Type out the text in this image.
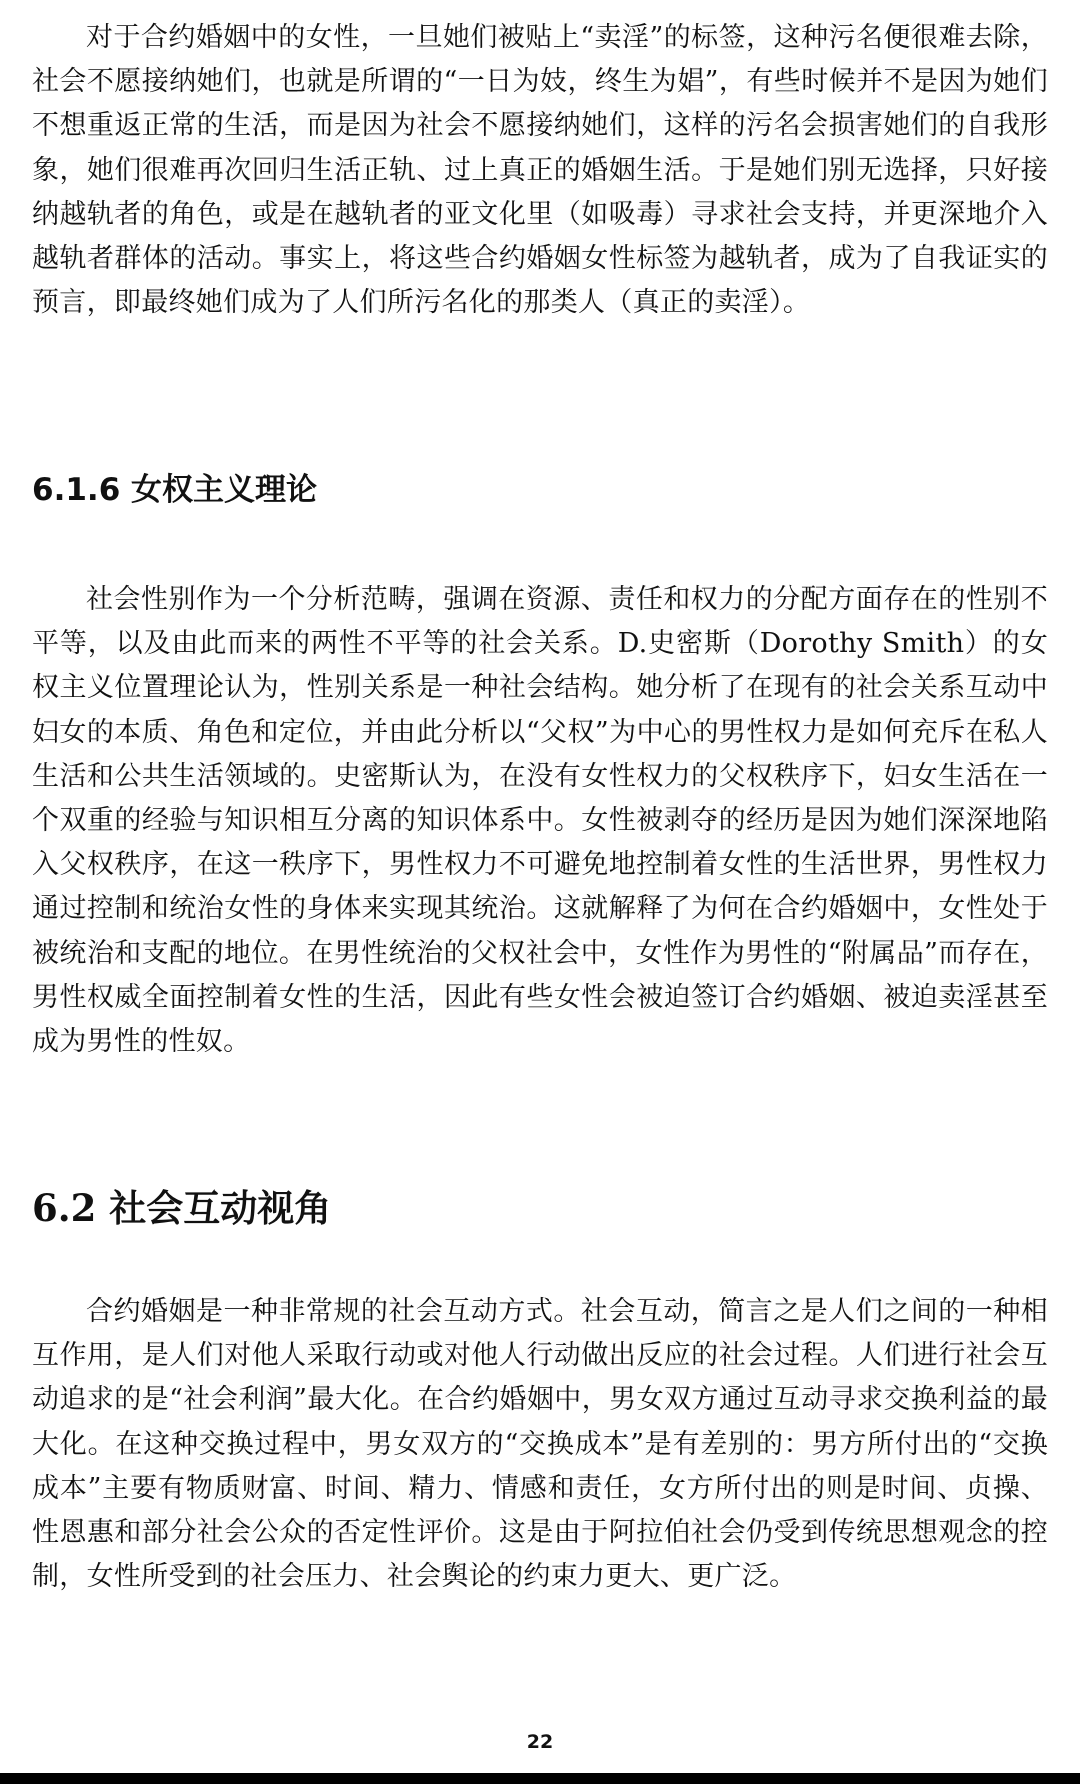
对于合约婚姻中的女性，一旦她们被贴上“卖淫”的标签，这种污名便很难去除，社会不愿接纳她们，也就是所谓的“一日为妓，终生为娼”，有些时候并不是因为她们不想重返正常的生活，而是因为社会不愿接纳她们，这样的污名会损害她们的自我形象，她们很难再次回归生活正轨、过上真正的婚姻生活。于是她们别无选择，只好接纳越轨者的角色，或是在越轨者的亚文化里（如吸毒）寻求社会支持，并更深地介入越轨者群体的活动。事实上，将这些合约婚姻女性标签为越轨者，成为了自我证实的预言，即最终她们成为了人们所污名化的那类人（真正的卖淫）。

6.1.6 女权主义理论

社会性别作为一个分析范畴，强调在资源、责任和权力的分配方面存在的性别不平等，以及由此而来的两性不平等的社会关系。D.史密斯（Dorothy Smith）的女权主义位置理论认为，性别关系是一种社会结构。她分析了在现有的社会关系互动中妇女的本质、角色和定位，并由此分析以“父权”为中心的男性权力是如何充斥在私人生活和公共生活领域的。史密斯认为，在没有女性权力的父权秩序下，妇女生活在一个双重的经验与知识相互分离的知识体系中。女性被剥夺的经历是因为她们深深地陷入父权秩序，在这一秩序下，男性权力不可避免地控制着女性的生活世界，男性权力通过控制和统治女性的身体来实现其统治。这就解释了为何在合约婚姻中，女性处于被统治和支配的地位。在男性统治的父权社会中，女性作为男性的“附属品”而存在，男性权威全面控制着女性的生活，因此有些女性会被迫签订合约婚姻、被迫卖淫甚至成为男性的性奴。

6.2 社会互动视角

合约婚姻是一种非常规的社会互动方式。社会互动，简言之是人们之间的一种相互作用，是人们对他人采取行动或对他人行动做出反应的社会过程。人们进行社会互动追求的是“社会利润”最大化。在合约婚姻中，男女双方通过互动寻求交换利益的最大化。在这种交换过程中，男女双方的“交换成本”是有差别的：男方所付出的“交换成本”主要有物质财富、时间、精力、情感和责任，女方所付出的则是时间、贞操、性恩惠和部分社会公众的否定性评价。这是由于阿拉伯社会仍受到传统思想观念的控制，女性所受到的社会压力、社会舆论的约束力更大、更广泛。

22
